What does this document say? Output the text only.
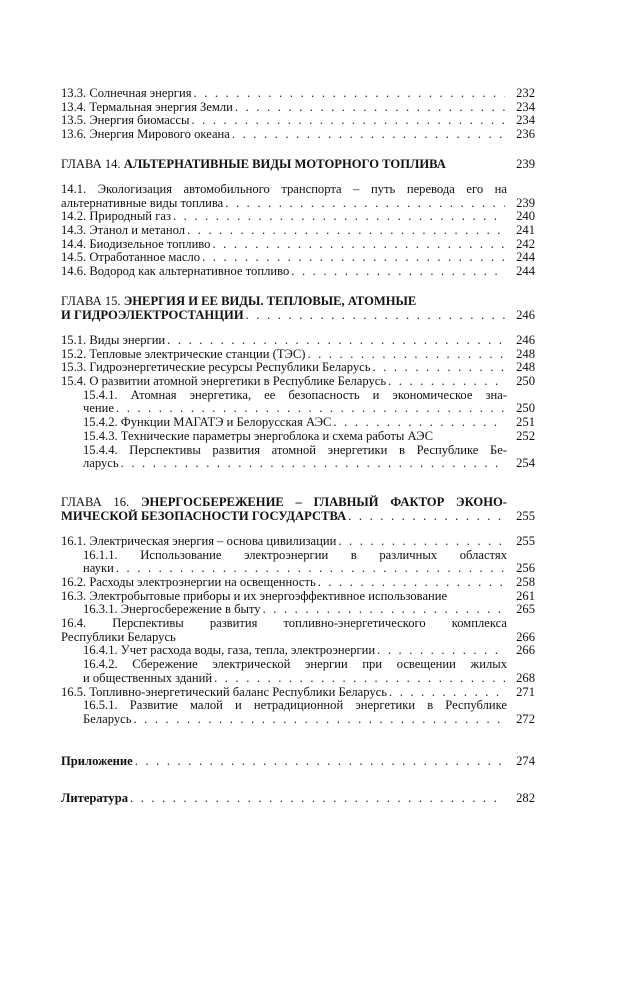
13.3. Солнечная энергия . . .	232
13.4. Термальная энергия Земли . . .	234
13.5. Энергия биомассы . . .	234
13.6. Энергия Мирового океана . . .	236
ГЛАВА 14. АЛЬТЕРНАТИВНЫЕ ВИДЫ МОТОРНОГО ТОПЛИВА	239
14.1. Экологизация автомобильного транспорта – путь перевода его на
альтернативные виды топлива . . .	239
14.2. Природный газ . . .	240
14.3. Этанол и метанол . . .	241
14.4. Биодизельное топливо . . .	242
14.5. Отработанное масло . . .	244
14.6. Водород как альтернативное топливо . . .	244
ГЛАВА 15. ЭНЕРГИЯ И ЕЕ ВИДЫ. ТЕПЛОВЫЕ, АТОМНЫЕ
И ГИДРОЭЛЕКТРОСТАНЦИИ . . .	246
15.1. Виды энергии . . .	246
15.2. Тепловые электрические станции (ТЭС) . . .	248
15.3. Гидроэнергетические ресурсы Республики Беларусь . . .	248
15.4. О развитии атомной энергетики в Республике Беларусь . . .	250
15.4.1. Атомная энергетика, ее безопасность и экономическое зна-
чение . . .	250
15.4.2. Функции МАГАТЭ и Белорусская АЭС . . .	251
15.4.3. Технические параметры энергоблока и схема работы АЭС	252
15.4.4. Перспективы развития атомной энергетики в Республике Бе-
ларусь . . .	254
ГЛАВА 16. ЭНЕРГОСБЕРЕЖЕНИЕ – ГЛАВНЫЙ ФАКТОР ЭКОНО-
МИЧЕСКОЙ БЕЗОПАСНОСТИ ГОСУДАРСТВА . . .	255
16.1. Электрическая энергия – основа цивилизации . . .	255
16.1.1. Использование электроэнергии в различных областях
науки . . .	256
16.2. Расходы электроэнергии на освещенность . . .	258
16.3. Электробытовые приборы и их энергоэффективное использование	261
16.3.1. Энергосбережение в быту . . .	265
16.4. Перспективы развития топливно-энергетического комплекса
Республики Беларусь	266
16.4.1. Учет расхода воды, газа, тепла, электроэнергии . . .	266
16.4.2. Сбережение электрической энергии при освещении жилых
и общественных зданий . . .	268
16.5. Топливно-энергетический баланс Республики Беларусь . . .	271
16.5.1. Развитие малой и нетрадиционной энергетики в Республике
Беларусь . . .	272
Приложение . . .	274
Литература . . .	282
